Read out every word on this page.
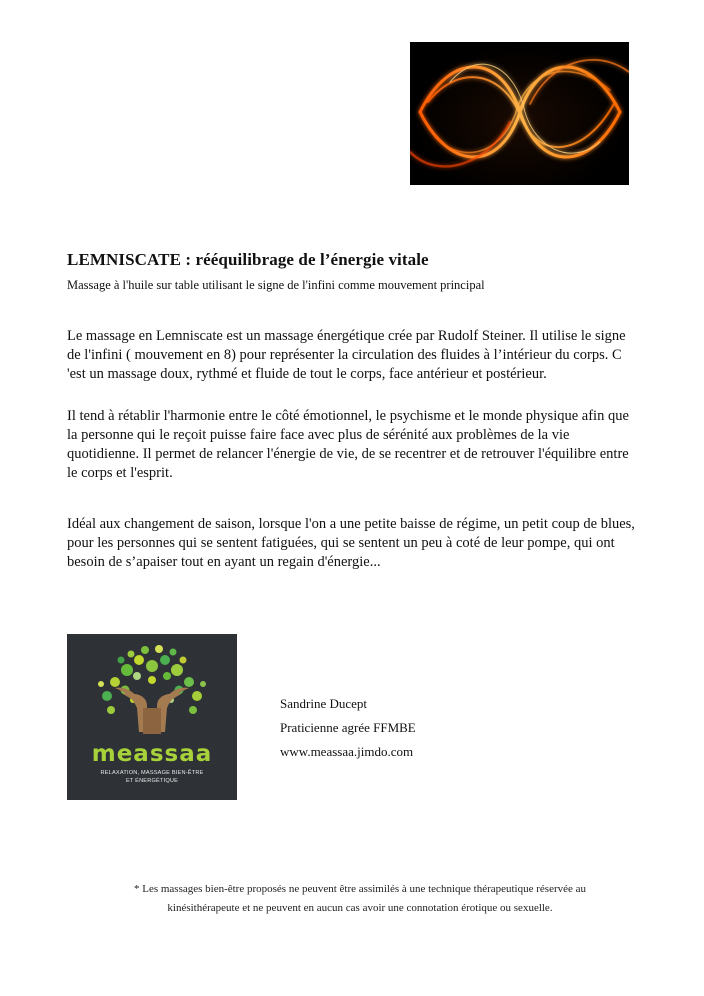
LEMNISCATE : rééquilibrage de l’énergie vitale
Massage à l'huile sur table utilisant le signe de l'infini comme mouvement principal
Le massage en Lemniscate est un massage énergétique crée par Rudolf Steiner. Il utilise le signe de l'infini ( mouvement en 8) pour représenter la circulation des fluides à l’intérieur du corps. C 'est un massage doux, rythmé et fluide de tout le corps, face antérieur et postérieur.
Il tend à rétablir l'harmonie entre le côté émotionnel, le psychisme et le monde physique afin que la personne qui le reçoit puisse faire face avec plus de sérénité aux problèmes de la vie quotidienne. Il permet de relancer l'énergie de vie, de se recentrer et de retrouver l'équilibre entre le corps et l'esprit.
Idéal aux changement de saison, lorsque l'on a une petite baisse de régime, un petit coup de blues, pour les personnes qui se sentent fatiguées, qui se sentent un peu à coté de leur pompe, qui ont besoin de s’apaiser tout en ayant un regain d'énergie...
meassaa
RELAXATION, MASSAGE BIEN-ÊTRE
ET ÉNERGÉTIQUE
Sandrine Ducept
Praticienne agrée FFMBE
www.meassaa.jimdo.com
* Les massages bien-être proposés ne peuvent être assimilés à une technique thérapeutique réservée au
kinésithérapeute et ne peuvent en aucun cas avoir une connotation érotique ou sexuelle.
